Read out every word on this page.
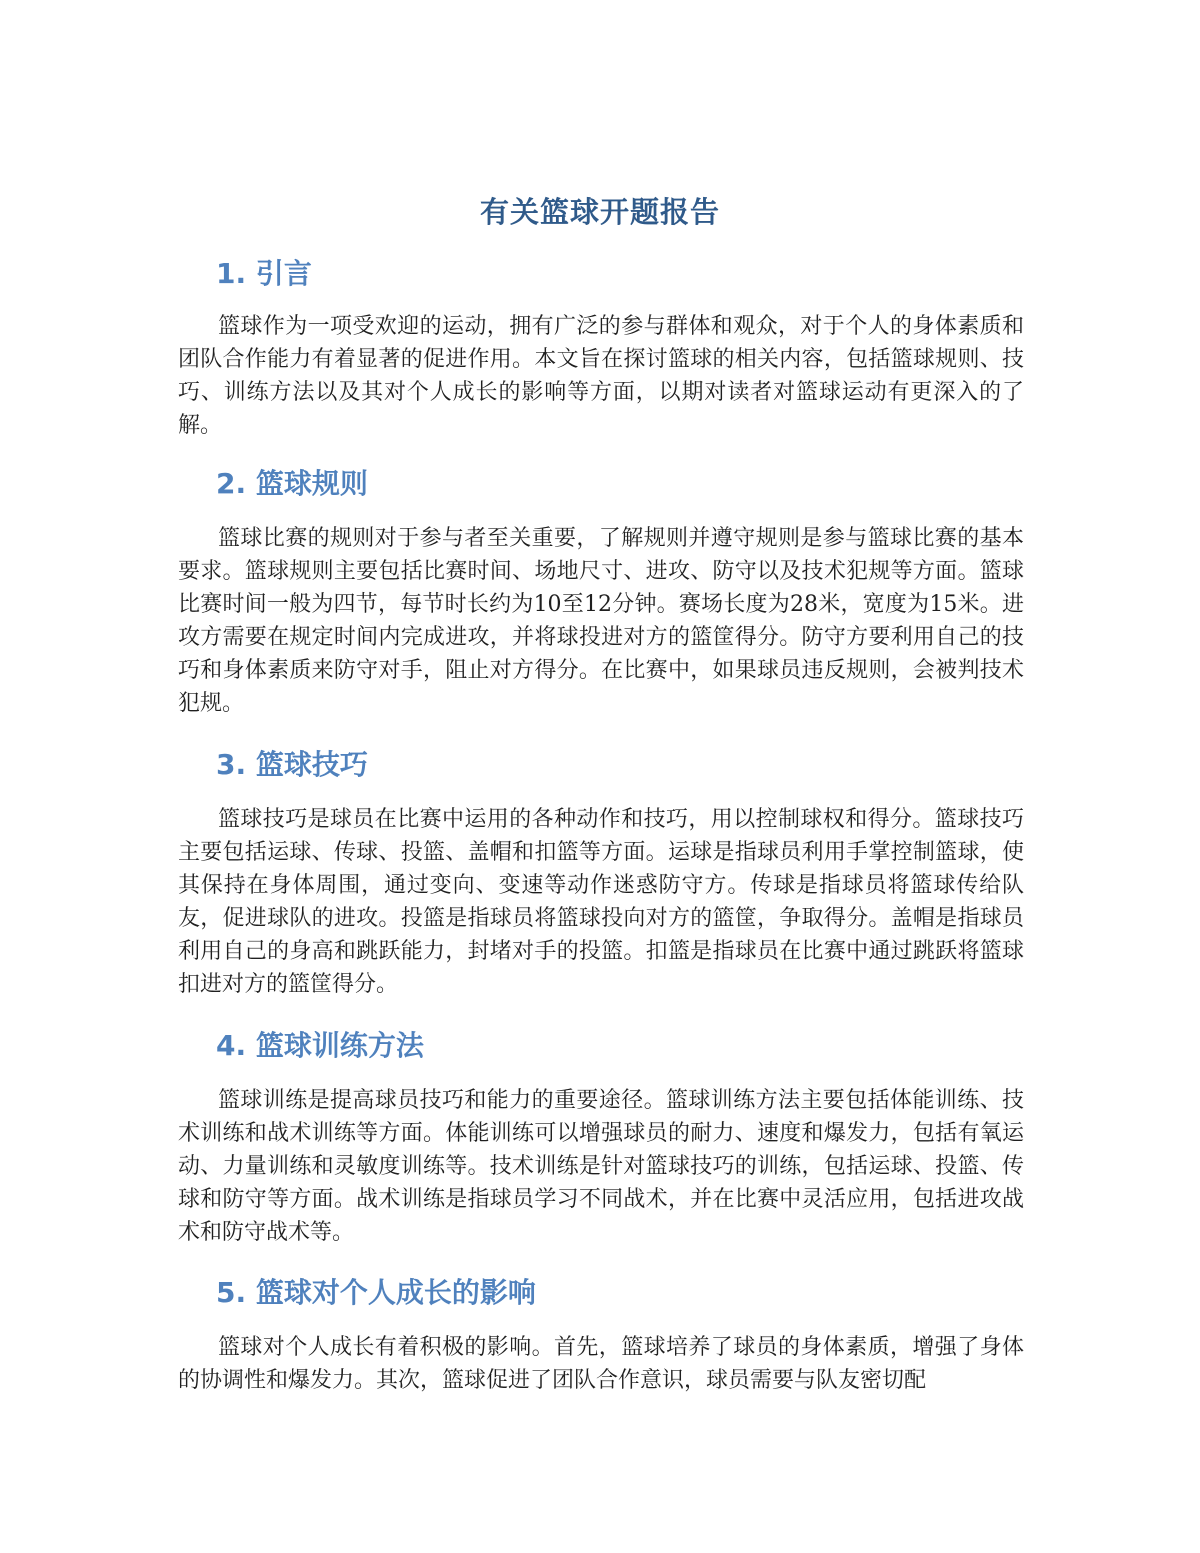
有关篮球开题报告
1. 引言

篮球作为一项受欢迎的运动，拥有广泛的参与群体和观众，对于个人的身体素质和团队合作能力有着显著的促进作用。本文旨在探讨篮球的相关内容，包括篮球规则、技巧、训练方法以及其对个人成长的影响等方面，以期对读者对篮球运动有更深入的了解。

2. 篮球规则

篮球比赛的规则对于参与者至关重要，了解规则并遵守规则是参与篮球比赛的基本要求。篮球规则主要包括比赛时间、场地尺寸、进攻、防守以及技术犯规等方面。篮球比赛时间一般为四节，每节时长约为10至12分钟。赛场长度为28米，宽度为15米。进攻方需要在规定时间内完成进攻，并将球投进对方的篮筐得分。防守方要利用自己的技巧和身体素质来防守对手，阻止对方得分。在比赛中，如果球员违反规则，会被判技术犯规。

3. 篮球技巧

篮球技巧是球员在比赛中运用的各种动作和技巧，用以控制球权和得分。篮球技巧主要包括运球、传球、投篮、盖帽和扣篮等方面。运球是指球员利用手掌控制篮球，使其保持在身体周围，通过变向、变速等动作迷惑防守方。传球是指球员将篮球传给队友，促进球队的进攻。投篮是指球员将篮球投向对方的篮筐，争取得分。盖帽是指球员利用自己的身高和跳跃能力，封堵对手的投篮。扣篮是指球员在比赛中通过跳跃将篮球扣进对方的篮筐得分。

4. 篮球训练方法

篮球训练是提高球员技巧和能力的重要途径。篮球训练方法主要包括体能训练、技术训练和战术训练等方面。体能训练可以增强球员的耐力、速度和爆发力，包括有氧运动、力量训练和灵敏度训练等。技术训练是针对篮球技巧的训练，包括运球、投篮、传球和防守等方面。战术训练是指球员学习不同战术，并在比赛中灵活应用，包括进攻战术和防守战术等。

5. 篮球对个人成长的影响

篮球对个人成长有着积极的影响。首先，篮球培养了球员的身体素质，增强了身体的协调性和爆发力。其次，篮球促进了团队合作意识，球员需要与队友密切配
